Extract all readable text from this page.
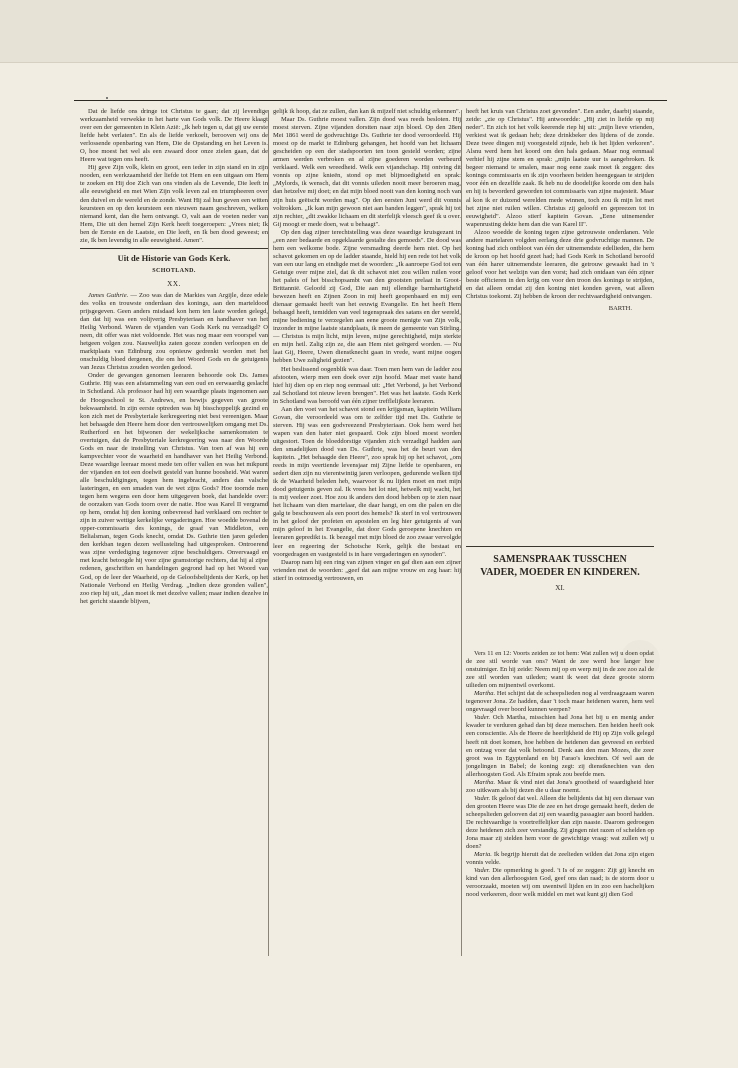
Dat de liefde ons dringe tot Christus te gaan; dat zij levendige werkzaamheid verwekke in het harte van Gods volk. De Heere klaagt over een der gemeenten in Klein Azië: „Ik heb tegen u, dat gij uw eerste liefde hebt verlaten". En als de liefde verkoelt, berooven wij ons de verlossende openbaring van Hem, Die de Opstanding en het Leven is. O, hoe moest het wel als een zwaard door onze zielen gaan, dat de Heere wat tegen ons heeft.

Hij geve Zijn volk, klein en groot, een ieder in zijn stand en in zijn nooden, een werkzaamheid der liefde tot Hem en een uitgaan om Hem te zoeken en Hij doe Zich van ons vinden als de Levende, Die leeft in alle eeuwigheid en met Wien Zijn volk leven zal en triumpheeren over den duivel en de wereld en de zonde. Want Hij zal hun geven een witten keursteen en op den keursteen een nieuwen naam geschreven, welken niemand kent, dan die hem ontvangt. O, valt aan de voeten neder van Hem, Die uit den hemel Zijn Kerk heeft toegeroepen: „Vrees niet; Ik ben de Eerste en de Laatste, en Die leeft, en Ik ben dood geweest; en zie, Ik ben levendig in alle eeuwigheid. Amen".

Uit de Historie van Gods Kerk.
SCHOTLAND.
XX.

James Guthrie. — Zoo was dan de Markies van Argijle, deze edele des volks en trouwste onderdaan des konings, aan den marteldood prijsgegeven. Geen anders misdaad kon hem ten laste worden gelegd, dan dat hij was een volijverig Presbyteriaan en handhaver van het Heilig Verbond. Waren de vijanden van Gods Kerk nu verzadigd? O neen, dit offer was niet voldoende. Het was nog maar een voorspel van hetgeen volgen zou. Nauwelijks zaten gooze zonden verloopen en de marktplaats van Edinburg zou opnieuw gedrenkt worden met het onschuldig bloed dergenen, die om het Woord Gods en de getuigenis van Jezus Christus zouden worden gedood.

Onder de gevangen genomen leeraren behoorde ook Ds. James Guthrie. Hij was een afstammeling van een oud en eerwaardig geslacht in Schotland. Als professor had hij een waardige plaats ingenomen aan de Hoogeschool te St. Andrews, en bewijs gegeven van groote bekwaamheid. In zijn eerste optreden was hij bisschoppelijk gezind en kon zich met de Presbyteriale kerkregeering niet best vereenigen. Maar het behaagde den Heere hem door den vertrouwelijken omgang met Ds. Rutherford en het bijwonen der wekelijksche samenkomsten te overtuigen, dat de Presbyteriale kerkregeering was naar den Woorde Gods en naar de instelling van Christus. Van toen af was hij een kampvechter voor de waarheid en handhaver van het Heilig Verbond. Deze waardige leeraar moest mede ten offer vallen en was het mikpunt der vijanden en tot een doelwit gesteld van hunne boosheid. Wat waren alle beschuldigingen, tegen hem ingebracht, anders dan valsche lasteringen, en een smaden van de wet zijns Gods? Hoe toornde men tegen hem wegens een door hem uitgegeven boek, dat handelde over: de oorzaken van Gods toorn over de natie. Hoe was Karel II vergramd op hem, omdat hij den koning onbevreesd had verklaard om rechter te zijn in zuiver wettige kerkelijke vergaderingen. Hoe woedde bovenal de opper-commissaris des konings, de graaf van Middleton, een Belialsman, tegen Gods knecht, omdat Ds. Guthrie tien jaren geleden den kerkban tegen dezen wellusteling had uitgesproken. Ontroerend was zijne verdediging tegenover zijne beschuldigers. Onvervaagd en met kracht betoogde hij voor zijne gramstorige rechters, dat hij al zijne redenen, geschriften en handelingen gegrond had op het Woord van God, op de leer der Waarheid, op de Geloofsbelijdenis der Kerk, op het Nationale Verbond en Heilig Verdrag. „Indien deze gronden vallen", zoo riep hij uit, „dan moet ik met dezelve vallen; maar indien dezelve in het gericht staande blijven,

gelijk ik hoop, dat ze zullen, dan kan ik mijzelf niet schuldig erkennen".

Maar Ds. Guthrie moest vallen. Zijn dood was reeds besloten. Hij moest sterven. Zijne vijanden dorstten naar zijn bloed. Op den 28en Mei 1861 werd de godvruchtige Ds. Guthrie ter dood veroordeeld. Hij moest op de markt te Edinburg gehangen, het hoofd van het lichaam gescheiden op een der stadspoorten ten toon gesteld worden; zijne armen werden verbroken en al zijne goederen worden verbeurd verklaard. Welk een wreedheid. Welk een vijandschap. Hij ontving dit vonnis op zijne knieën, stond op met blijmoedigheid en sprak: „Mylords, ik wensch, dat dit vonnis uileden nooit meer beroeren mag, dan hetzelve mij doet; en dat mijn bloed nooit van den koning noch van zijn huis geëischt worden mag". Op den eersten Juni werd dit vonnis voltrokken. „Ik kan mijn gewoon niet aan banden leggen", sprak hij tot zijn rechter, „dit zwakke lichaam en dit sterfelijk vleesch geef ik u over. Gij moogt er mede doen, wat u behaagt".

Op den dag zijner terechtstelling was deze waardige kruisgezant in „een zeer bedaarde en opgeklaarde gestalte des gemoeds". De dood was hem een welkome bode. Zijne versmading deerde hem niet. Op het schavot gekomen en op de ladder staande, hield hij een rede tot het volk van een uur lang en eindigde met de woorden: „Ik aanroepe God tot een Getuige over mijne ziel, dat ik dit schavot niet zou willen ruilen voor het paleis of het bisschopsambt van den grootsten prelaat in Groot-Brittannië. Geloofd zij God, Die aan mij ellendige barmhartigheid bewezen heeft en Zijnen Zoon in mij heeft geopenbaard en mij een dienaar gemaakt heeft van het eeuwig Evangelie. En het heeft Hem behaagd heeft, temidden van veel tegenspraak des satans en der wereld, mijne bediening te verzegelen aan eene groote menigte van Zijn volk, inzonder in mijne laatste standplaats, ik meen de gemeente van Stirling. — Christus is mijn licht, mijn leven, mijne gerechtigheid, mijn sterkte en mijn heil. Zalig zijn ze, die aan Hem niet geërgerd worden. — Nu laat Gij, Heere, Uwen dienstknecht gaan in vrede, want mijne oogen hebben Uwe zaligheid gezien".

Het beslissend oogenblik was daar. Toen men hem van de ladder zou afstooten, wierp men een doek over zijn hoofd. Maar met vaste hand hief hij dien op en riep nog eenmaal uit: „Het Verbond, ja het Verbond zal Schotland tot nieuw leven brengen". Het was het laatste. Gods Kerk in Schotland was beroofd van één zijner trefflelijkste leeraren.

Aan den voet van het schavot stond een krijgsman, kapitein William Govan, die veroordeeld was om te zelfder tijd met Ds. Guthrie te sterven. Hij was een godvreezend Presbyteriaan. Ook hem werd het wapen van den hater niet gespaard. Ook zijn bloed moest worden uitgestort. Toen de bloeddorstige vijanden zich verzadigd hadden aan den smadelijken dood van Ds. Guthrie, was het de beurt van den kapitein. „Het behaagde den Heere", zoo sprak hij op het schavot, „om reeds in mijn veertiende levensjaar mij Zijne liefde te openbaren, en sedert dien zijn nu vierentwintig jaren verloopen, gedurende welken tijd ik de Waarheid beleden heb, waarvoor ik nu lijden moet en met mijn dood getuigenis geven zal. Ik vrees het lot niet, hetwelk mij wacht, het is mij veeleer zoet. Hoe zou ik anders den dood hebben op te zien naar het lichaam van dien martelaar, die daar hangt, en om die palen en die galg te beschouwen als een poort des hemels? Ik sterf in vol vertrouwen in het geloof der profeten en apostelen en leg hier getuigenis af van mijn geloof in het Evangelie, dat door Gods geroepene knechten en leeraren gepredikt is. Ik bezegel met mijn bloed de zoo zwaar vervolgde leer en regeering der Schotsche Kerk, gelijk die bestaat en voorgedragen en vastgesteld is in hare vergaderingen en synoden".

Daarop nam hij een ring van zijnen vinger en gaf dien aan een zijner vrienden met de woorden: „geef dat aan mijne vrouw en zeg haar: hij stierf in ootmoedig vertrouwen, en

heeft het kruis van Christus zoet gevonden". Een ander, daarbij staande, zeide: „zie op Christus". Hij antwoordde: „Hij ziet in liefde op mij neder". En zich tot het volk keerende riep hij uit: „mijn lieve vrienden, verkiest wat ik gedaan heb; deze drinkbeker des lijdens of de zonde. Deze twee dingen mij voorgesteld zijnde, heb ik het lijden verkoren". Alsnu werd hem het koord om den hals gedaan. Maar nog eenmaal verhief hij zijne stem en sprak: „mijn laatste uur is aangebroken. Ik begeer niemand te smalen, maar nog eene zaak moet ik zeggen: des konings commissaris en ik zijn voorheen beiden heengegaan te strijden voor één en dezelfde zaak. Ik heb nu de doodelijke koorde om den hals en hij is bevorderd geworden tot commissaris van zijne majesteit. Maar al kon ik er duizend werelden mede winnen, toch zou ik mijn lot met het zijne niet ruilen willen. Christus zij geloofd en gepreezen tot in eeuwigheid". Alzoo stierf kapitein Govan. „Eene uitnemender wapenrusting dekte hem dan die van Karel II".

Alzoo woedde de koning tegen zijne getrouwste onderdanen. Vele andere martelaren volgden eerlang deze drie godvruchtige mannen. De koning had zich ontbloot van één der uitnemendste edellieden, die hem de kroon op het hoofd gezet had; had Gods Kerk in Schotland beroofd van één harer uitnemendste leeraren, die getrouw gewaakt had in 't geloof voor het welzijn van den vorst; had zich ontdaan van één zijner beste officieren in den krijg om voor den troon des konings te strijden, en dat alleen omdat zij den koning niet konden geven, wat alleen Christus toekomt. Zij hebben de kroon der rechtvaardigheid ontvangen.

BARTH.
SAMENSPRAAK TUSSCHEN
VADER, MOEDER EN KINDEREN.
XI.

Vers 11 en 12: Voorts zeiden ze tot hem: Wat zullen wij u doen opdat de zee stil worde van ons? Want de zee werd hoe langer hoe onstuimiger. En hij zeide: Neem mij op en werp mij in de zee zoo zal de zee stil worden van uileden; want ik weet dat deze groote storm uilieden om mijnentwil overkomt.

Martha. Het schijnt dat de scheepslieden nog al verdraagzaam waren tegenover Jona. Ze hadden, daar 't toch maar heidenen waren, hem wel ongevraagd over boord kunnen werpen?

Vader. Och Martha, misschien had Jona het bij u en menig ander kwader te verduren gehad dan bij deze menschen. Een heiden heeft ook een conscientie. Als de Heere de heerlijkheid de Hij op Zijn volk gelegd heeft nit doet komen, hoe hebben de heidenen dan gevreesd en eerbied en ontzag voor dat volk betoond. Denk aan den man Mozes, die zeer groot was in Egyptenland en bij Farao's knechten. Of wel aan de jongelingen in Babel; de koning zegt: zij dienstknechten van den allerhoogsten God. Als Efraim sprak zou beefde men.

Martha. Maar ik vind niet dat Jona's grootheid of waardigheid hier zoo uitkwam als bij dezen die u daar noemt.

Vader. Ik geloof dat wel. Alleen die belijdenis dat hij een dienaar van den grooten Heere was Die de zee en het droge gemaakt heeft, deden de scheepslieden gelooven dat zij een waardig passagier aan boord hadden. De rechtvaardige is voortreffelijker dan zijn naaste. Daarom gedroegen deze heidenen zich zeer verstandig. Zij gingen niet razen of schelden op Jona maar zij stelden hem voor de gewichtige vraag: wat zullen wij u doen?

Maria. Ik begrijp hieruit dat de zeelieden wilden dat Jona zijn eigen vonnis velde.

Vader. Die opmerking is goed. 't Is of ze zeggen: Zijt gij knecht en kind van den allerhoogsten God, geef ons dan raad; is de storm door u veroorzaakt, moeten wij om uwentwil lijden en in zoo een hachelijken nood verkeeren, door welk middel en met wat kunt gij dien God
